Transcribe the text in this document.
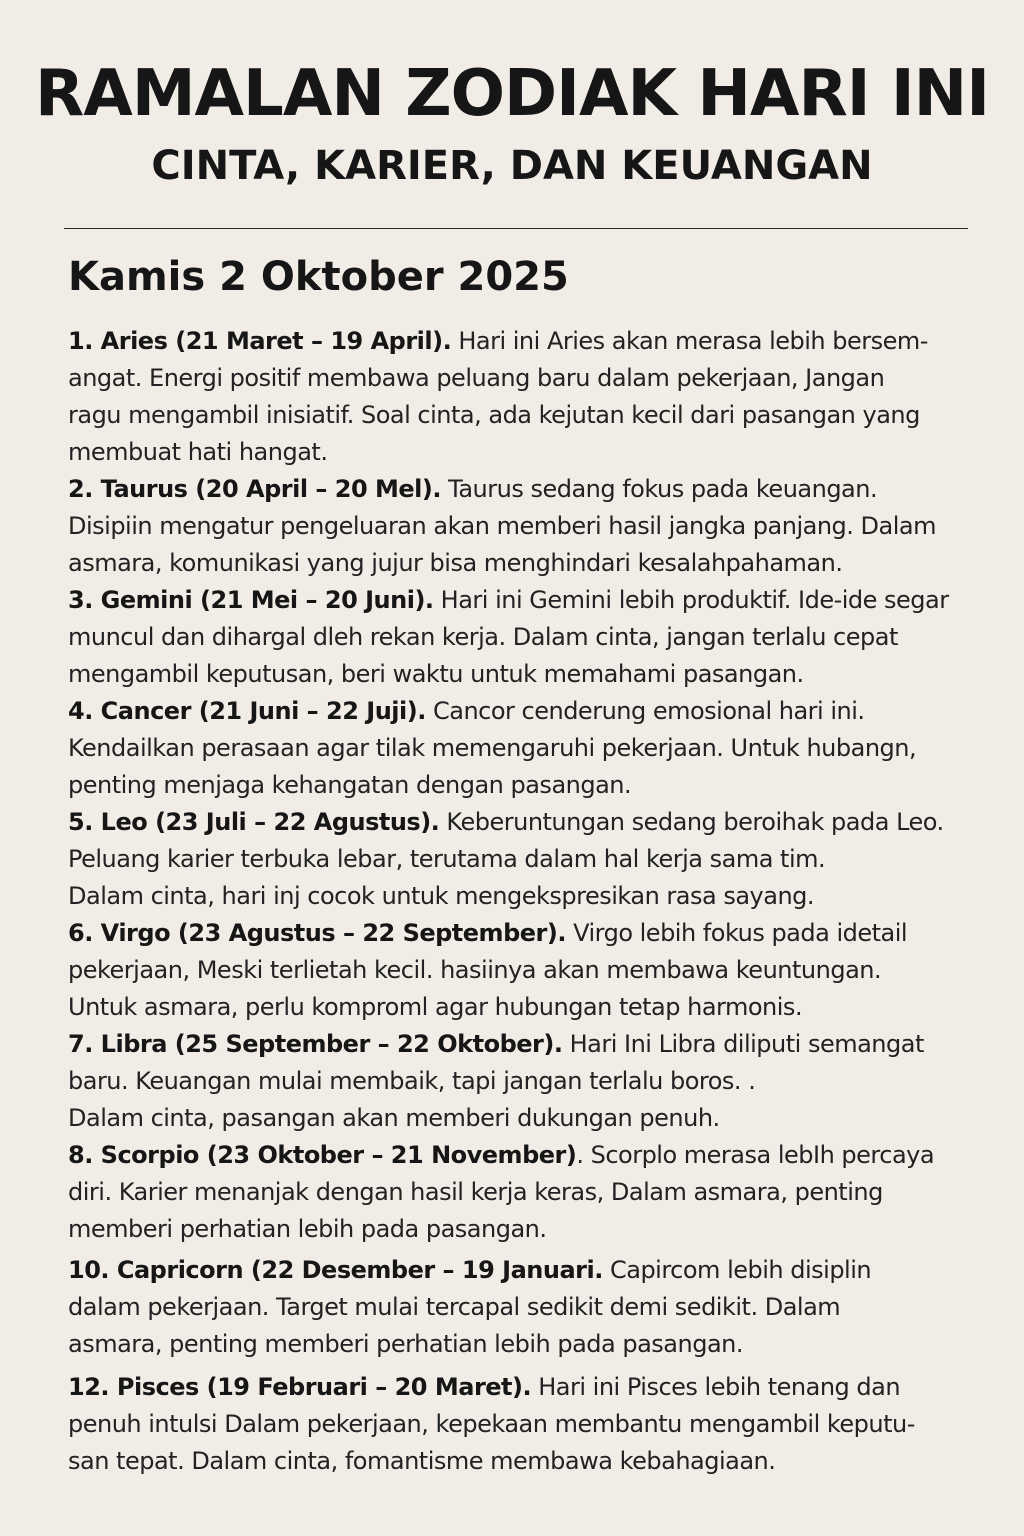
RAMALAN ZODIAK HARI INI
CINTA, KARIER, DAN KEUANGAN
Kamis 2 Oktober 2025

1. Aries (21 Maret – 19 April). Hari ini Aries akan merasa lebih bersem-
angat. Energi positif membawa peluang baru dalam pekerjaan, Jangan
ragu mengambil inisiatif. Soal cinta, ada kejutan kecil dari pasangan yang
membuat hati hangat.

2. Taurus (20 April – 20 Mel). Taurus sedang fokus pada keuangan.
Disipiin mengatur pengeluaran akan memberi hasil jangka panjang. Dalam
asmara, komunikasi yang jujur bisa menghindari kesalahpahaman.

3. Gemini (21 Mei – 20 Juni). Hari ini Gemini lebih produktif. Ide-ide segar
muncul dan dihargal dleh rekan kerja. Dalam cinta, jangan terlalu cepat
mengambil keputusan, beri waktu untuk memahami pasangan.

4. Cancer (21 Juni – 22 Juji). Cancor cenderung emosional hari ini.
Kendailkan perasaan agar tilak memengaruhi pekerjaan. Untuk hubangn,
penting menjaga kehangatan dengan pasangan.

5. Leo (23 Juli – 22 Agustus). Keberuntungan sedang beroihak pada Leo.
Peluang karier terbuka lebar, terutama dalam hal kerja sama tim.
Dalam cinta, hari inj cocok untuk mengekspresikan rasa sayang.

6. Virgo (23 Agustus – 22 September). Virgo lebih fokus pada idetail
pekerjaan, Meski terlietah kecil. hasiinya akan membawa keuntungan.
Untuk asmara, perlu komproml agar hubungan tetap harmonis.

7. Libra (25 September – 22 Oktober). Hari Ini Libra diliputi semangat
baru. Keuangan mulai membaik, tapi jangan terlalu boros. .
Dalam cinta, pasangan akan memberi dukungan penuh.

8. Scorpio (23 Oktober – 21 November). Scorplo merasa lebIh percaya
diri. Karier menanjak dengan hasil kerja keras, Dalam asmara, penting
memberi perhatian lebih pada pasangan.

10. Capricorn (22 Desember – 19 Januari. Capircom lebih disiplin
dalam pekerjaan. Target mulai tercapal sedikit demi sedikit. Dalam
asmara, penting memberi perhatian lebih pada pasangan.

12. Pisces (19 Februari – 20 Maret). Hari ini Pisces lebih tenang dan
penuh intulsi Dalam pekerjaan, kepekaan membantu mengambil keputu-
san tepat. Dalam cinta, fomantisme membawa kebahagiaan.
